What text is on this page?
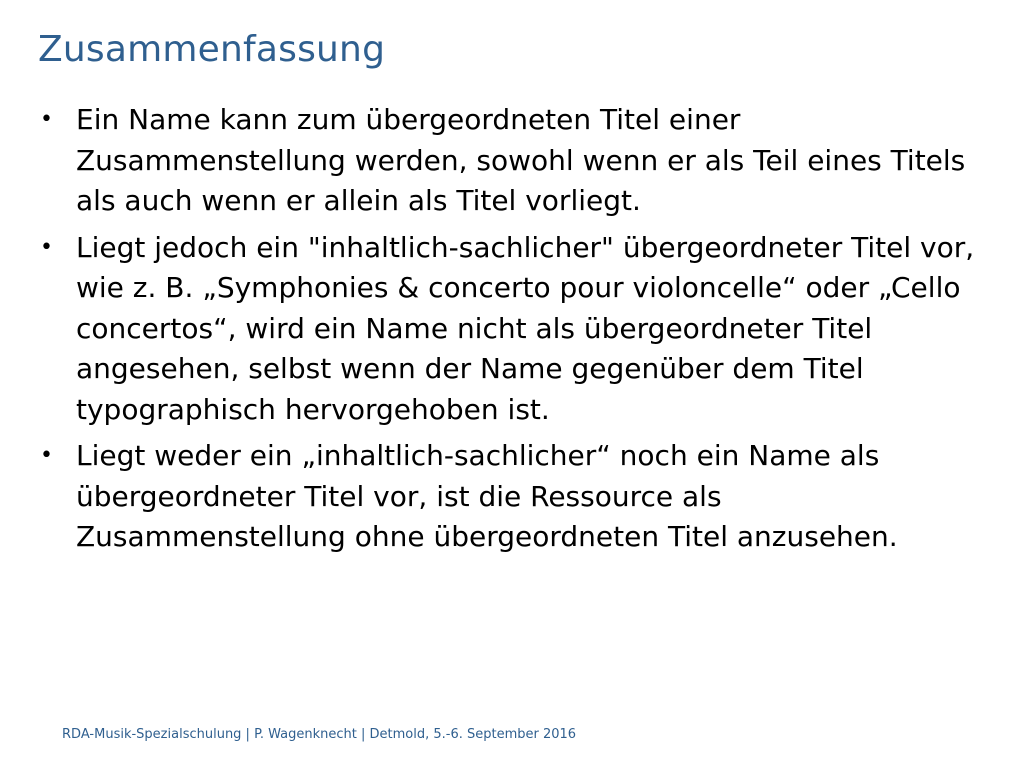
Zusammenfassung
• Ein Name kann zum übergeordneten Titel einer Zusammenstellung werden, sowohl wenn er als Teil eines Titels als auch wenn er allein als Titel vorliegt.
• Liegt jedoch ein "inhaltlich-sachlicher" übergeordneter Titel vor, wie z. B. „Symphonies & concerto pour violoncelle“ oder „Cello concertos“, wird ein Name nicht als übergeordneter Titel angesehen, selbst wenn der Name gegenüber dem Titel typographisch hervorgehoben ist.
• Liegt weder ein „inhaltlich-sachlicher“ noch ein Name als übergeordneter Titel vor, ist die Ressource als Zusammenstellung ohne übergeordneten Titel anzusehen.
RDA-Musik-Spezialschulung | P. Wagenknecht | Detmold, 5.-6. September 2016
